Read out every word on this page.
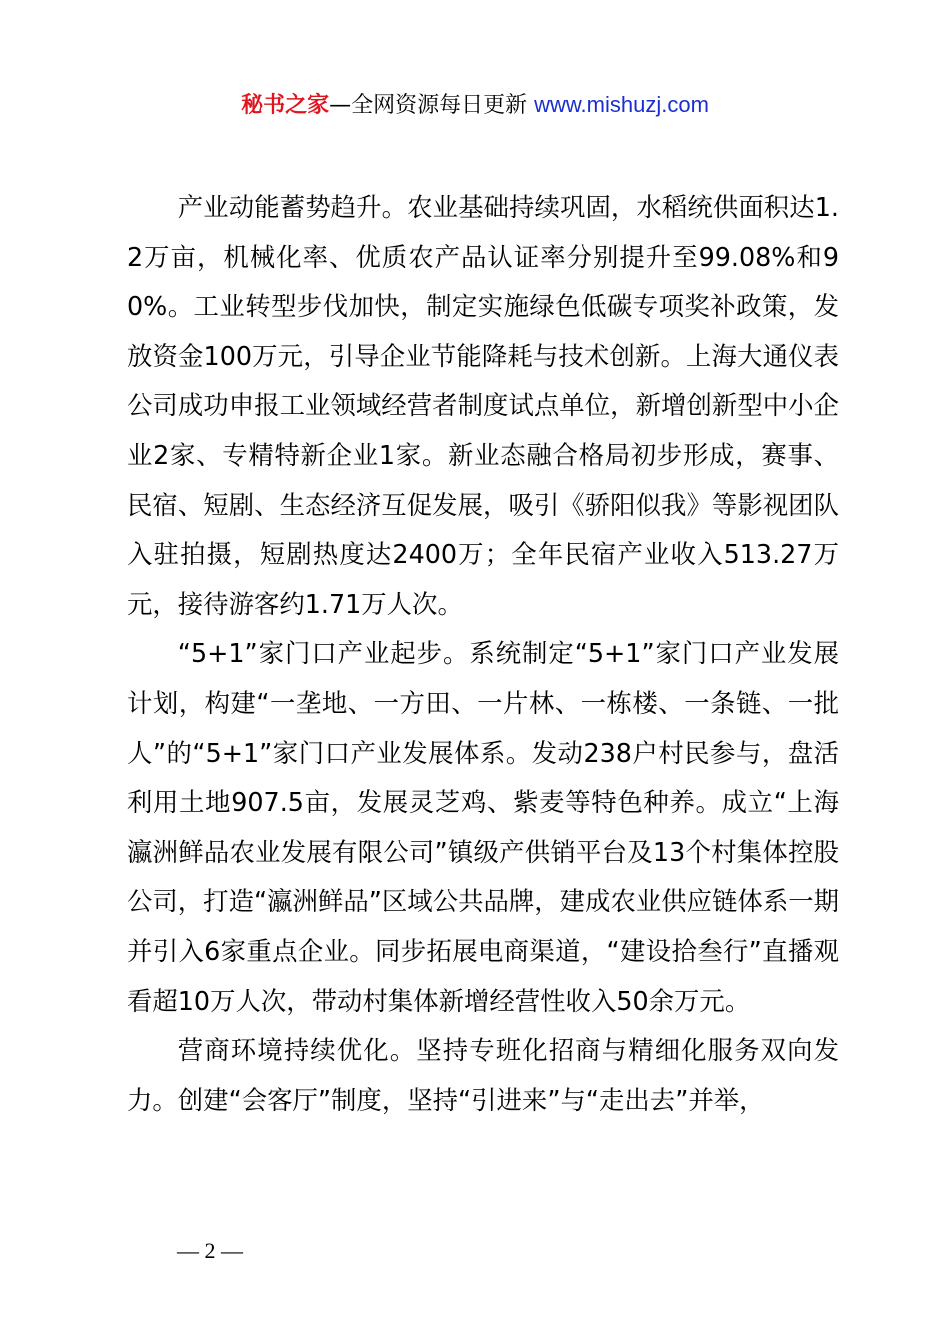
秘书之家—全网资源每日更新 www.mishuzj.com

产业动能蓄势趋升。农业基础持续巩固，水稻统供面积达1.2万亩，机械化率、优质农产品认证率分别提升至99.08%和90%。工业转型步伐加快，制定实施绿色低碳专项奖补政策，发放资金100万元，引导企业节能降耗与技术创新。上海大通仪表公司成功申报工业领域经营者制度试点单位，新增创新型中小企业2家、专精特新企业1家。新业态融合格局初步形成，赛事、民宿、短剧、生态经济互促发展，吸引《骄阳似我》等影视团队入驻拍摄，短剧热度达2400万；全年民宿产业收入513.27万元，接待游客约1.71万人次。

“5+1”家门口产业起步。系统制定“5+1”家门口产业发展计划，构建“一垄地、一方田、一片林、一栋楼、一条链、一批人”的“5+1”家门口产业发展体系。发动238户村民参与，盘活利用土地907.5亩，发展灵芝鸡、紫麦等特色种养。成立“上海瀛洲鲜品农业发展有限公司”镇级产供销平台及13个村集体控股公司，打造“瀛洲鲜品”区域公共品牌，建成农业供应链体系一期并引入6家重点企业。同步拓展电商渠道，“建设拾叁行”直播观看超10万人次，带动村集体新增经营性收入50余万元。

营商环境持续优化。坚持专班化招商与精细化服务双向发力。创建“会客厅”制度，坚持“引进来”与“走出去”并举，

— 2 —
